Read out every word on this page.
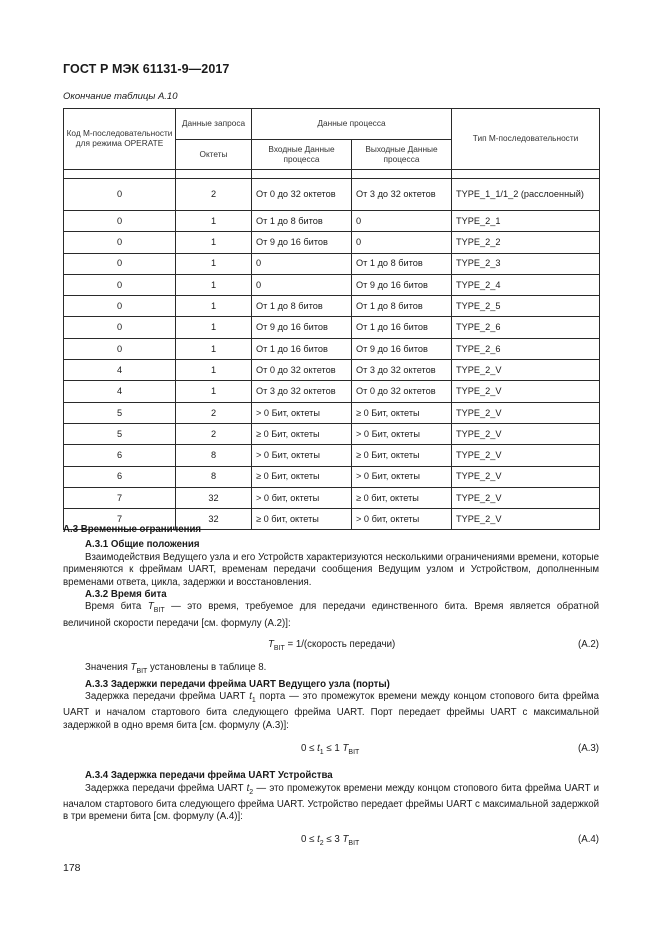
ГОСТ Р МЭК 61131-9—2017
Окончание таблицы А.10
Код M-последовательности для режима OPERATE	Данные запроса	Данные процесса		Тип M-последовательности
	Октеты	Входные Данные процесса	Выходные Данные процесса	

0	2	От 0 до 32 октетов	От 3 до 32 октетов	TYPE_1_1/1_2 (расслоенный)
0	1	От 1 до 8 битов	0	TYPE_2_1
0	1	От 9 до 16 битов	0	TYPE_2_2
0	1	0	От 1 до 8 битов	TYPE_2_3
0	1	0	От 9 до 16 битов	TYPE_2_4
0	1	От 1 до 8 битов	От 1 до 8 битов	TYPE_2_5
0	1	От 9 до 16 битов	От 1 до 16 битов	TYPE_2_6
0	1	От 1 до 16 битов	От 9 до 16 битов	TYPE_2_6
4	1	От 0 до 32 октетов	От 3 до 32 октетов	TYPE_2_V
4	1	От 3 до 32 октетов	От 0 до 32 октетов	TYPE_2_V
5	2	> 0 Бит, октеты	≥ 0 Бит, октеты	TYPE_2_V
5	2	≥ 0 Бит, октеты	> 0 Бит, октеты	TYPE_2_V
6	8	> 0 Бит, октеты	≥ 0 Бит, октеты	TYPE_2_V
6	8	≥ 0 Бит, октеты	> 0 Бит, октеты	TYPE_2_V
7	32	> 0 бит, октеты	≥ 0 бит, октеты	TYPE_2_V
7	32	≥ 0 бит, октеты	> 0 бит, октеты	TYPE_2_V

А.3 Временные ограничения

А.3.1 Общие положения

Взаимодействия Ведущего узла и его Устройств характеризуются несколькими ограничениями времени, которые применяются к фреймам UART, временам передачи сообщения Ведущим узлом и Устройством, дополненным временами ответа, цикла, задержки и восстановления.

А.3.2 Время бита

Время бита $T_{BIT}$ — это время, требуемое для передачи единственного бита. Время является обратной величиной скорости передачи [см. формулу (А.2)]:

$T_{BIT}$ = 1/(скорость передачи)	(А.2)

Значения $T_{BIT}$ установлены в таблице 8.

А.3.3 Задержки передачи фрейма UART Ведущего узла (порты)

Задержка передачи фрейма UART $t_1$ порта — это промежуток времени между концом стопового бита фрейма UART и началом стартового бита следующего фрейма UART. Порт передает фреймы UART с максимальной задержкой в одно время бита [см. формулу (А.3)]:

$0 \le t_1 \le 1$ $T_{BIT}$	(А.3)

А.3.4 Задержка передачи фрейма UART Устройства

Задержка передачи фрейма UART $t_2$ — это промежуток времени между концом стопового бита фрейма UART и началом стартового бита следующего фрейма UART. Устройство передает фреймы UART с максимальной задержкой в три времени бита [см. формулу (А.4)]:

$0 \le t_2 \le 3$ $T_{BIT}$	(А.4)
178
